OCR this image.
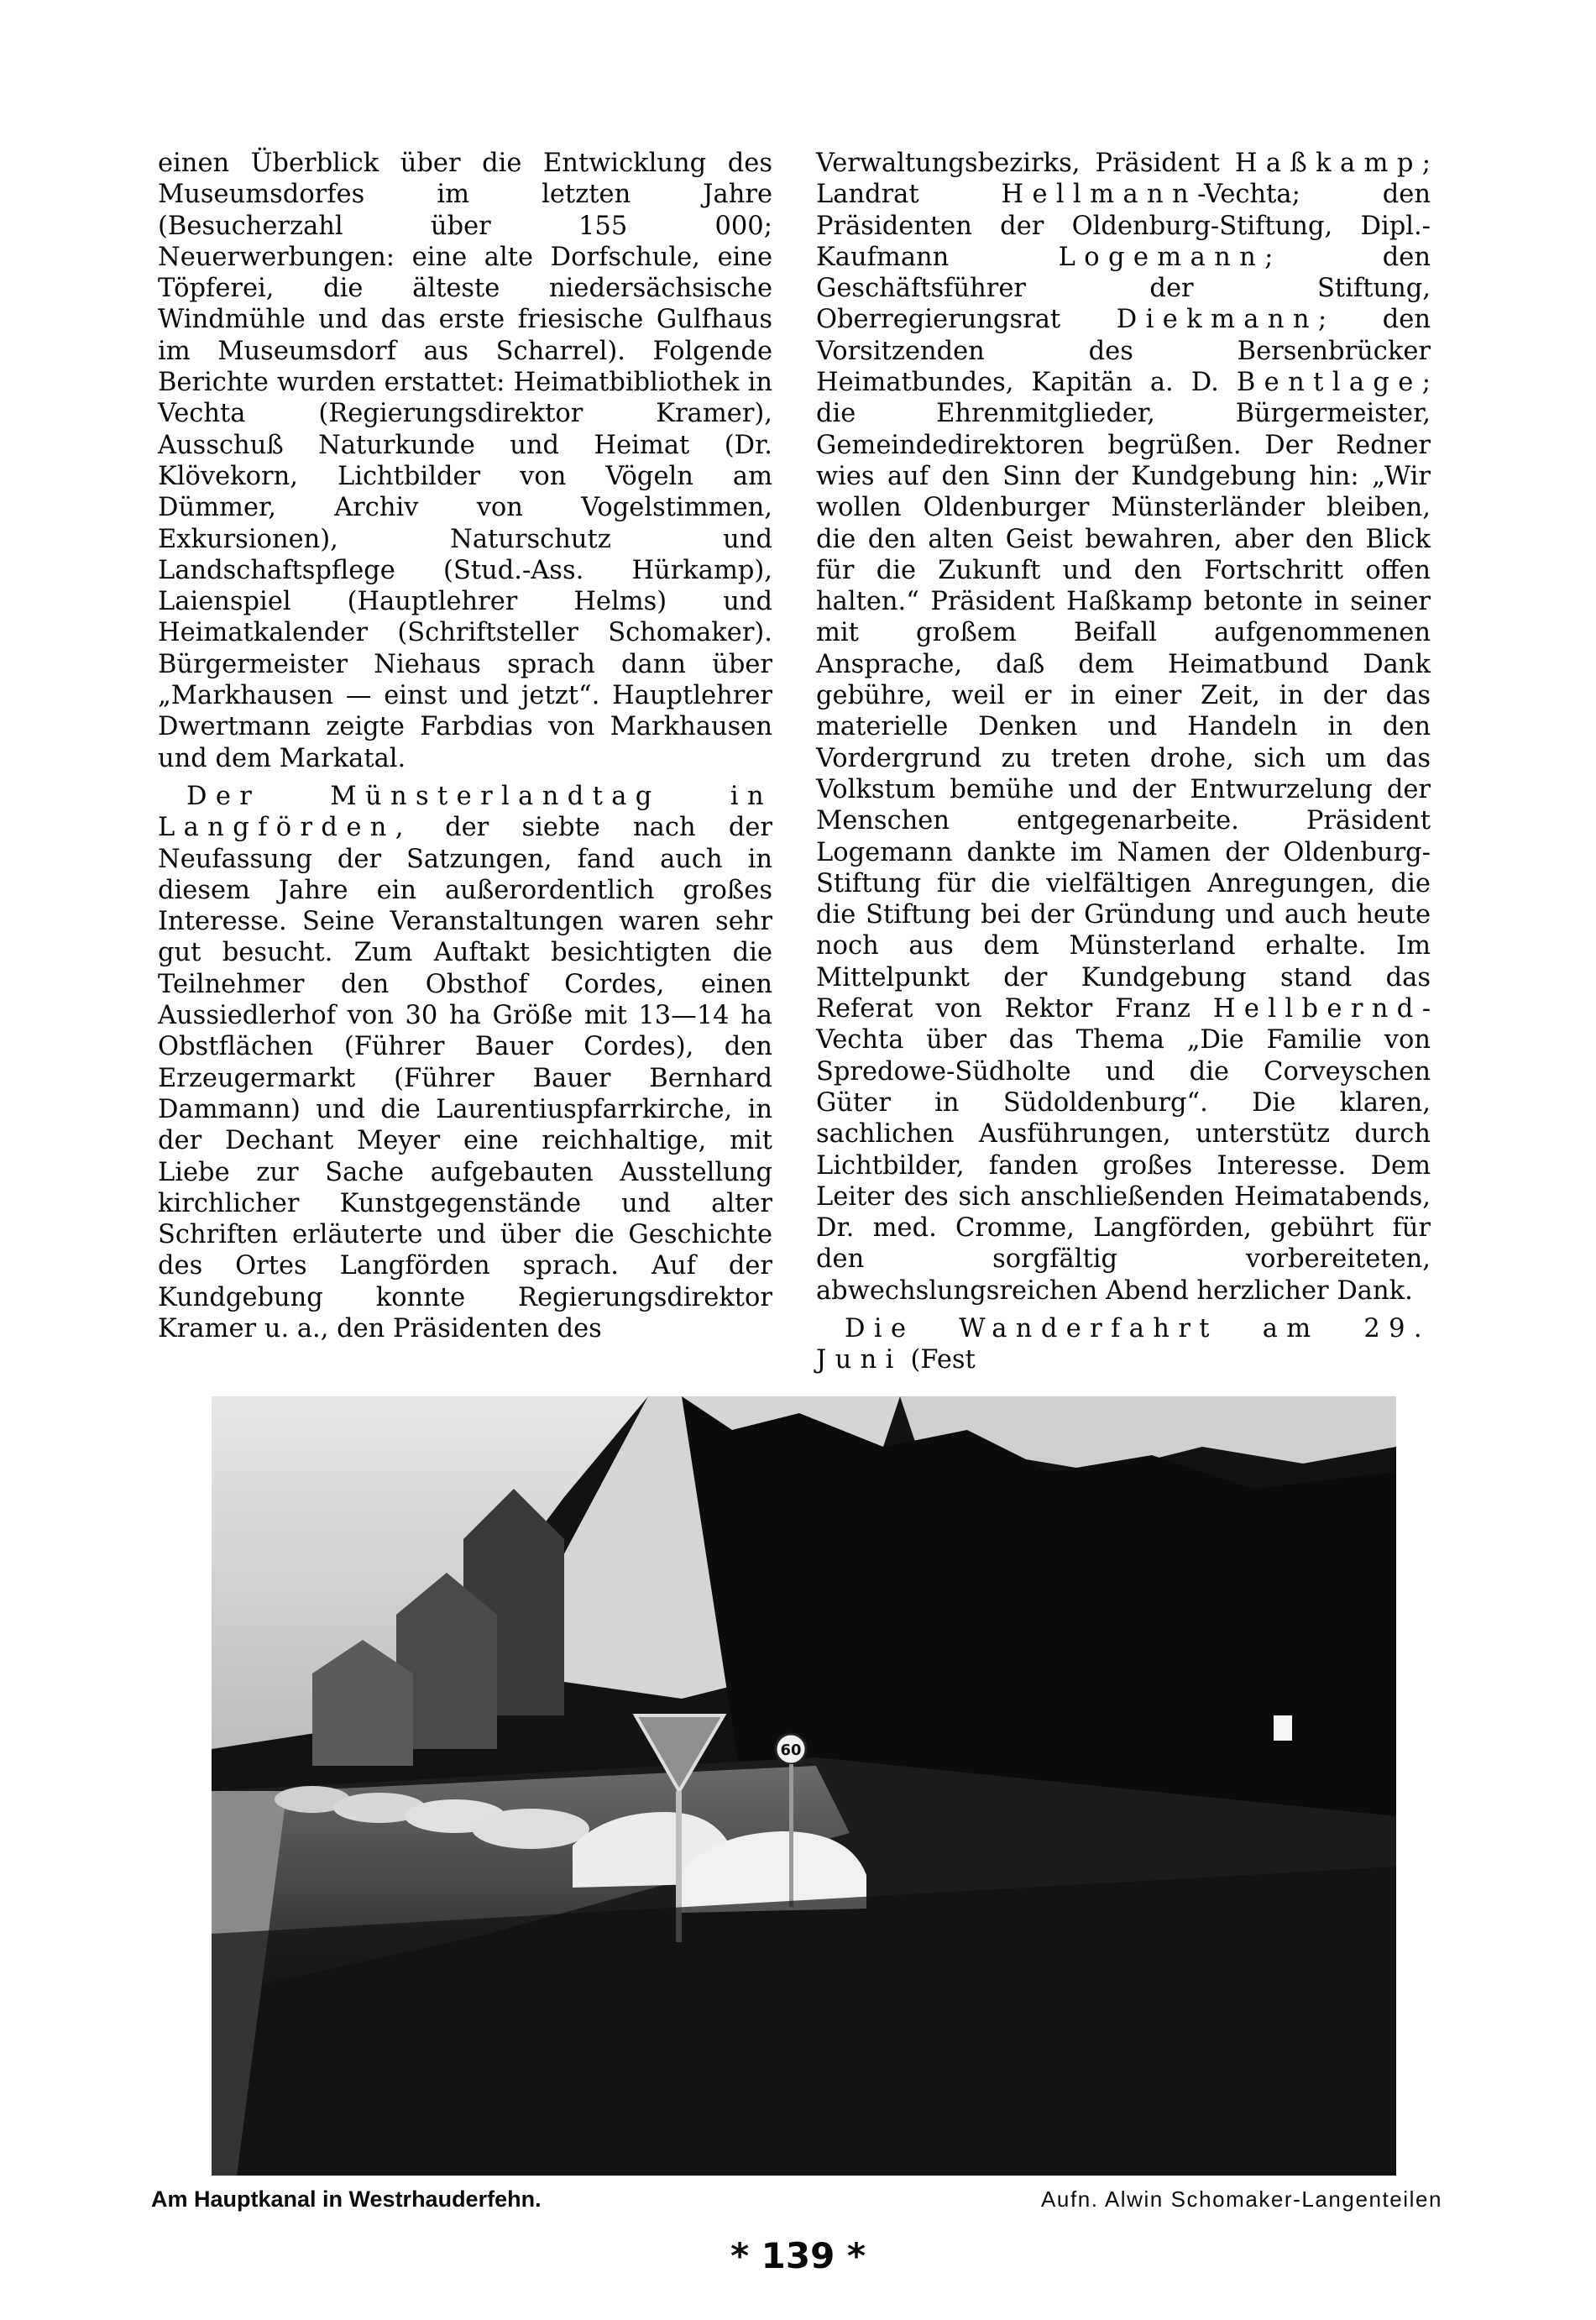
einen Überblick über die Entwicklung des Museumsdorfes im letzten Jahre (Besucherzahl über 155 000; Neuerwerbungen: eine alte Dorfschule, eine Töpferei, die älteste niedersächsische Windmühle und das erste friesische Gulfhaus im Museumsdorf aus Scharrel). Folgende Berichte wurden erstattet: Heimatbibliothek in Vechta (Regierungsdirektor Kramer), Ausschuß Naturkunde und Heimat (Dr. Klövekorn, Lichtbilder von Vögeln am Dümmer, Archiv von Vogelstimmen, Exkursionen), Naturschutz und Landschaftspflege (Stud.-Ass. Hürkamp), Laienspiel (Hauptlehrer Helms) und Heimatkalender (Schriftsteller Schomaker). Bürgermeister Niehaus sprach dann über „Markhausen — einst und jetzt“. Hauptlehrer Dwertmann zeigte Farbdias von Markhausen und dem Markatal.

Der Münsterlandtag in Langförden, der siebte nach der Neufassung der Satzungen, fand auch in diesem Jahre ein außerordentlich großes Interesse. Seine Veranstaltungen waren sehr gut besucht. Zum Auftakt besichtigten die Teilnehmer den Obsthof Cordes, einen Aussiedlerhof von 30 ha Größe mit 13—14 ha Obstflächen (Führer Bauer Cordes), den Erzeugermarkt (Führer Bauer Bernhard Dammann) und die Laurentiuspfarrkirche, in der Dechant Meyer eine reichhaltige, mit Liebe zur Sache aufgebauten Ausstellung kirchlicher Kunstgegenstände und alter Schriften erläuterte und über die Geschichte des Ortes Langförden sprach. Auf der Kundgebung konnte Regierungsdirektor Kramer u. a., den Präsidenten des

Verwaltungsbezirks, Präsident Haßkamp; Landrat Hellmann-Vechta; den Präsidenten der Oldenburg-Stiftung, Dipl.-Kaufmann Logemann; den Geschäftsführer der Stiftung, Oberregierungsrat Diekmann; den Vorsitzenden des Bersenbrücker Heimatbundes, Kapitän a. D. Bentlage; die Ehrenmitglieder, Bürgermeister, Gemeindedirektoren begrüßen. Der Redner wies auf den Sinn der Kundgebung hin: „Wir wollen Oldenburger Münsterländer bleiben, die den alten Geist bewahren, aber den Blick für die Zukunft und den Fortschritt offen halten.“ Präsident Haßkamp betonte in seiner mit großem Beifall aufgenommenen Ansprache, daß dem Heimatbund Dank gebühre, weil er in einer Zeit, in der das materielle Denken und Handeln in den Vordergrund zu treten drohe, sich um das Volkstum bemühe und der Entwurzelung der Menschen entgegenarbeite. Präsident Logemann dankte im Namen der Oldenburg-Stiftung für die vielfältigen Anregungen, die die Stiftung bei der Gründung und auch heute noch aus dem Münsterland erhalte. Im Mittelpunkt der Kundgebung stand das Referat von Rektor Franz Hellbernd-Vechta über das Thema „Die Familie von Spredowe-Südholte und die Corveyschen Güter in Südoldenburg“. Die klaren, sachlichen Ausführungen, unterstütz durch Lichtbilder, fanden großes Interesse. Dem Leiter des sich anschließenden Heimatabends, Dr. med. Cromme, Langförden, gebührt für den sorgfältig vorbereiteten, abwechslungsreichen Abend herzlicher Dank.

Die Wanderfahrt am 29. Juni (Fest

60
Am Hauptkanal in Westrhauderfehn.	Aufn. Alwin Schomaker-Langenteilen
* 139 *
